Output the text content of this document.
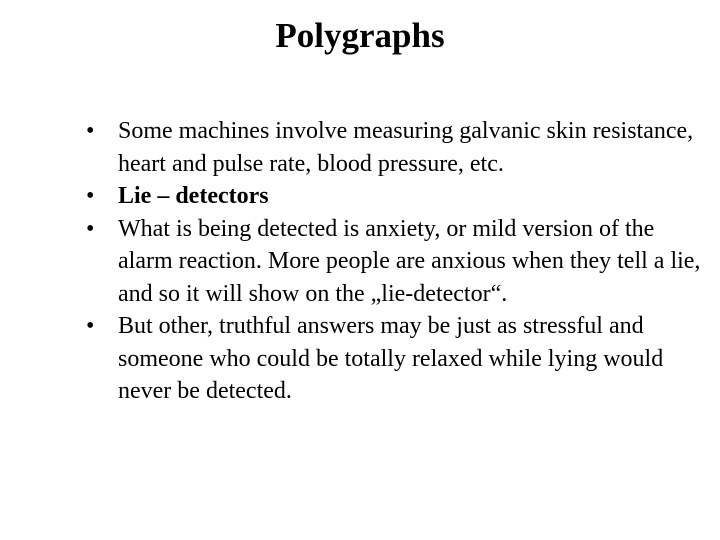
Polygraphs
• Some machines involve measuring galvanic skin resistance, heart and pulse rate, blood pressure, etc.
• Lie – detectors
• What is being detected is anxiety, or mild version of the alarm reaction. More people are anxious when they tell a lie, and so it will show on the „lie-detector“.
• But other, truthful answers may be just as stressful and someone who could be totally relaxed while lying would never be detected.
